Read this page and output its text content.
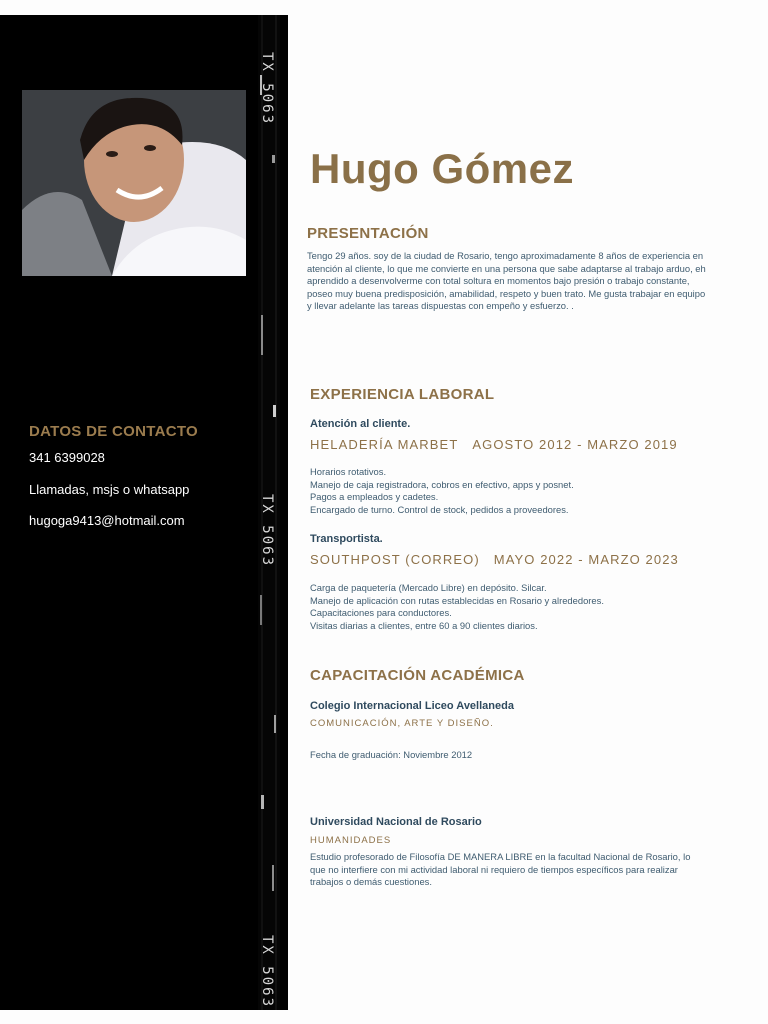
DATOS DE CONTACTO
341 6399028
Llamadas, msjs o whatsapp
hugoga9413@hotmail.com
Hugo Gómez
PRESENTACIÓN
Tengo 29 años. soy de la ciudad de Rosario, tengo aproximadamente 8 años de experiencia en atención al cliente, lo que me convierte en una persona que sabe adaptarse al trabajo arduo, eh aprendido a desenvolverme con total soltura en momentos bajo presión o trabajo constante, poseo muy buena predisposición, amabilidad, respeto y buen trato. Me gusta trabajar en equipo y llevar adelante las tareas dispuestas con empeño y esfuerzo. .
EXPERIENCIA LABORAL
Atención al cliente.
HELADERÍA MARBET AGOSTO 2012 - MARZO 2019
Horarios rotativos.
Manejo de caja registradora, cobros en efectivo, apps y posnet.
Pagos a empleados y cadetes.
Encargado de turno. Control de stock, pedidos a proveedores.
Transportista.
SOUTHPOST (CORREO) MAYO 2022 - MARZO 2023
Carga de paquetería (Mercado Libre) en depósito. Silcar.
Manejo de aplicación con rutas establecidas en Rosario y alrededores.
Capacitaciones para conductores.
Visitas diarias a clientes, entre 60 a 90 clientes diarios.
CAPACITACIÓN ACADÉMICA
Colegio Internacional Liceo Avellaneda
COMUNICACIÓN, ARTE Y DISEÑO.
Fecha de graduación: Noviembre 2012
Universidad Nacional de Rosario
HUMANIDADES
Estudio profesorado de Filosofía DE MANERA LIBRE en la facultad Nacional de Rosario, lo que no interfiere con mi actividad laboral ni requiero de tiempos específicos para realizar trabajos o demás cuestiones.
